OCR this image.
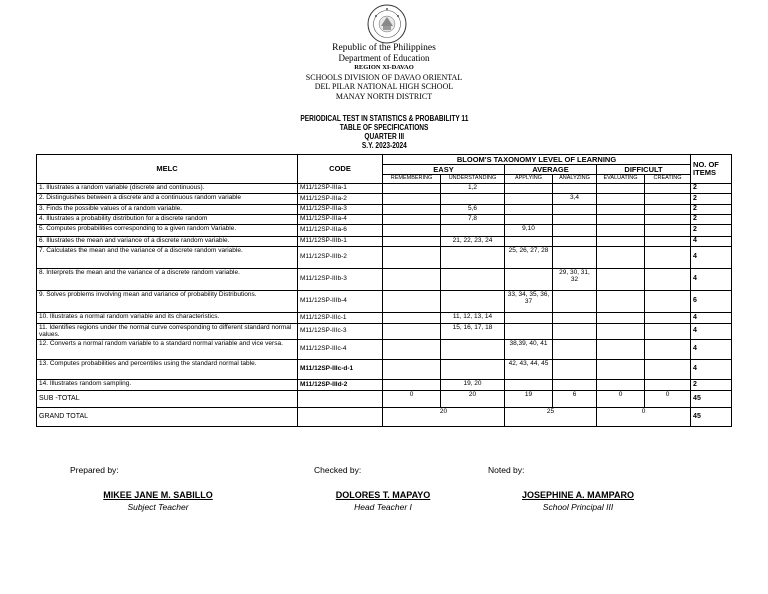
Republic of the Philippines
Department of Education
REGION XI-DAVAO
SCHOOLS DIVISION OF DAVAO ORIENTAL
DEL PILAR NATIONAL HIGH SCHOOL
MANAY NORTH DISTRICT
PERIODICAL TEST IN STATISTICS & PROBABILITY 11
TABLE OF SPECIFICATIONS
QUARTER III
S.Y. 2023-2024
MELC	CODE	BLOOM'S TAXONOMY LEVEL OF LEARNING						NO. OF ITEMS
		EASY		AVERAGE		DIFFICULT		
		REMEMBERING	UNDERSTANDING	APPLYING	ANALYZING	EVALUATING	CREATING	
1. Illustrates a random variable (discrete and continuous).	M11/12SP-IIIa-1		1,2					2
2. Distinguishes between a discrete and a continuous random variable	M11/12SP-IIIa-2				3,4			2
3. Finds the possible values of a random variable.	M11/12SP-IIIa-3		5,6					2
4. Illustrates a probability distribution for a discrete random	M11/12SP-IIIa-4		7,8					2
5. Computes probabilities corresponding to a given random Variable.	M11/12SP-IIIa-6			9,10				2
6. Illustrates the mean and variance of a discrete random variable.	M11/12SP-IIIb-1		21, 22, 23, 24					4
7. Calculates the mean and the variance of a discrete random variable.	M11/12SP-IIIb-2			25, 26, 27, 28				4
8. Interprets the mean and the variance of a discrete random variable.	M11/12SP-IIIb-3				29, 30, 31, 32			4
9. Solves problems involving mean and variance of probability Distributions.	M11/12SP-IIIb-4			33, 34, 35, 36, 37				6
10. Illustrates a normal random variable and its characteristics.	M11/12SP-IIIc-1		11, 12, 13, 14					4
11. Identifies regions under the normal curve corresponding to different standard normal values.	M11/12SP-IIIc-3		15, 16, 17, 18					4
12. Converts a normal random variable to a standard normal variable and vice versa.	M11/12SP-IIIc-4			38,39, 40, 41				4
13. Computes probabilities and percentiles using the standard normal table.	M11/12SP-IIIc-d-1			42, 43, 44, 45				4
14. Illustrates random sampling.	M11/12SP-IIId-2		19, 20					2
SUB -TOTAL		0	20	19	6	0	0	45
GRAND TOTAL		20		25		0		45
Prepared by:	Checked by:	Noted by:
MIKEE JANE M. SABILLO
Subject Teacher
DOLORES T. MAPAYO
Head Teacher I
JOSEPHINE A. MAMPARO
School Principal III
